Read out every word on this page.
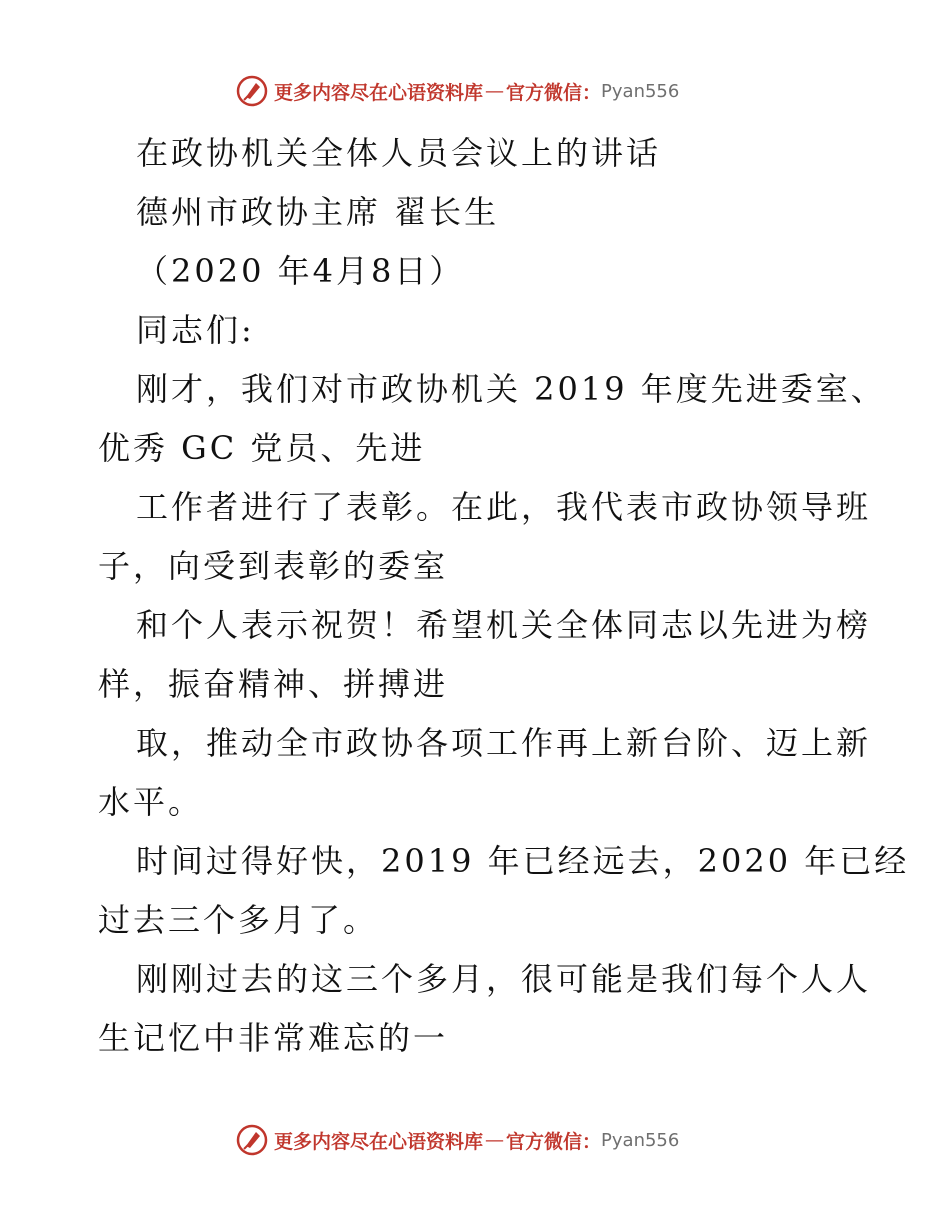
更多内容尽在心语资料库 — 官方微信： Pyan556
在政协机关全体人员会议上的讲话
德州市政协主席 翟长生
（2020 年4月8日）
同志们:
刚才，我们对市政协机关 2019 年度先进委室、
优秀 GC 党员、先进
工作者进行了表彰。在此，我代表市政协领导班
子，向受到表彰的委室
和个人表示祝贺！希望机关全体同志以先进为榜
样，振奋精神、拼搏进
取，推动全市政协各项工作再上新台阶、迈上新
水平。
时间过得好快，2019 年已经远去，2020 年已经
过去三个多月了。
刚刚过去的这三个多月，很可能是我们每个人人
生记忆中非常难忘的一
更多内容尽在心语资料库 — 官方微信： Pyan556
